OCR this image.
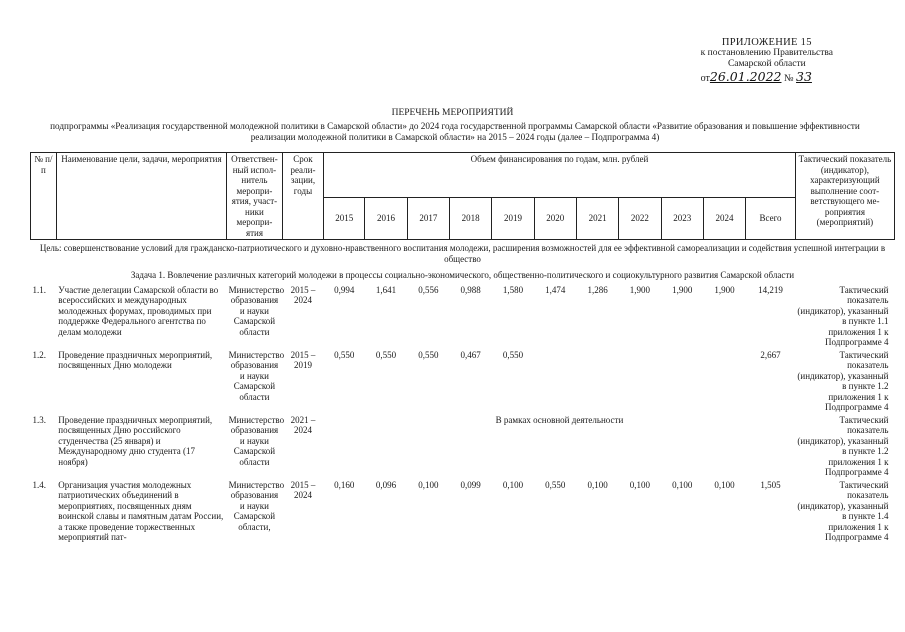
ПРИЛОЖЕНИЕ 15
к постановлению Правительства
Самарской области
от26.01.2022 № 33
ПЕРЕЧЕНЬ МЕРОПРИЯТИЙ
подпрограммы «Реализация государственной молодежной политики в Самарской области» до 2024 года государственной программы Самарской области «Развитие образования и повышение эффективности реализации молодежной политики в Самарской области» на 2015 – 2024 годы (далее – Подпрограмма 4)
№ п/п	Наименование цели, задачи, мероприятия	Ответствен-ный испол-нитель меропри-ятия, участ-ники меропри-ятия	Срок реали-зации, годы	Объем финансирования по годам, млн. рублей											Тактический показатель (индикатор), характеризующий выполнение соот-ветствующего ме-роприятия (мероприятий)
				2015	2016	2017	2018	2019	2020	2021	2022	2023	2024	Всего	
Цель: совершенствование условий для гражданско-патриотического и духовно-нравственного воспитания молодежи, расширения возможностей для ее эффективной самореализации и содействия успешной интеграции в общество															
Задача 1. Вовлечение различных категорий молодежи в процессы социально-экономического, общественно-политического и социокультурного развития Самарской области															
1.1.	Участие делегации Самарской области во всероссийских и международных молодежных форумах, проводимых при поддержке Федерального агентства по делам молодежи	Министерство образования и науки Самарской области	2015 – 2024	0,994	1,641	0,556	0,988	1,580	1,474	1,286	1,900	1,900	1,900	14,219	Тактический показатель (индикатор), указанный в пункте 1.1 приложения 1 к Подпрограмме 4
1.2.	Проведение праздничных мероприятий, посвященных Дню молодежи	Министерство образования и науки Самарской области	2015 – 2019	0,550	0,550	0,550	0,467	0,550						2,667	Тактический показатель (индикатор), указанный в пункте 1.2 приложения 1 к Подпрограмме 4
1.3.	Проведение праздничных мероприятий, посвященных Дню российского студенчества (25 января) и Международному дню студента (17 ноября)	Министерство образования и науки Самарской области	2021 – 2024	В рамках основной деятельности											Тактический показатель (индикатор), указанный в пункте 1.2 приложения 1 к Подпрограмме 4
1.4.	Организация участия молодежных патриотических объединений в мероприятиях, посвященных дням воинской славы и памятным датам России, а также проведение торжественных мероприятий пат-	Министерство образования и науки Самарской области,	2015 – 2024	0,160	0,096	0,100	0,099	0,100	0,550	0,100	0,100	0,100	0,100	1,505	Тактический показатель (индикатор), указанный в пункте 1.4 приложения 1 к Подпрограмме 4
